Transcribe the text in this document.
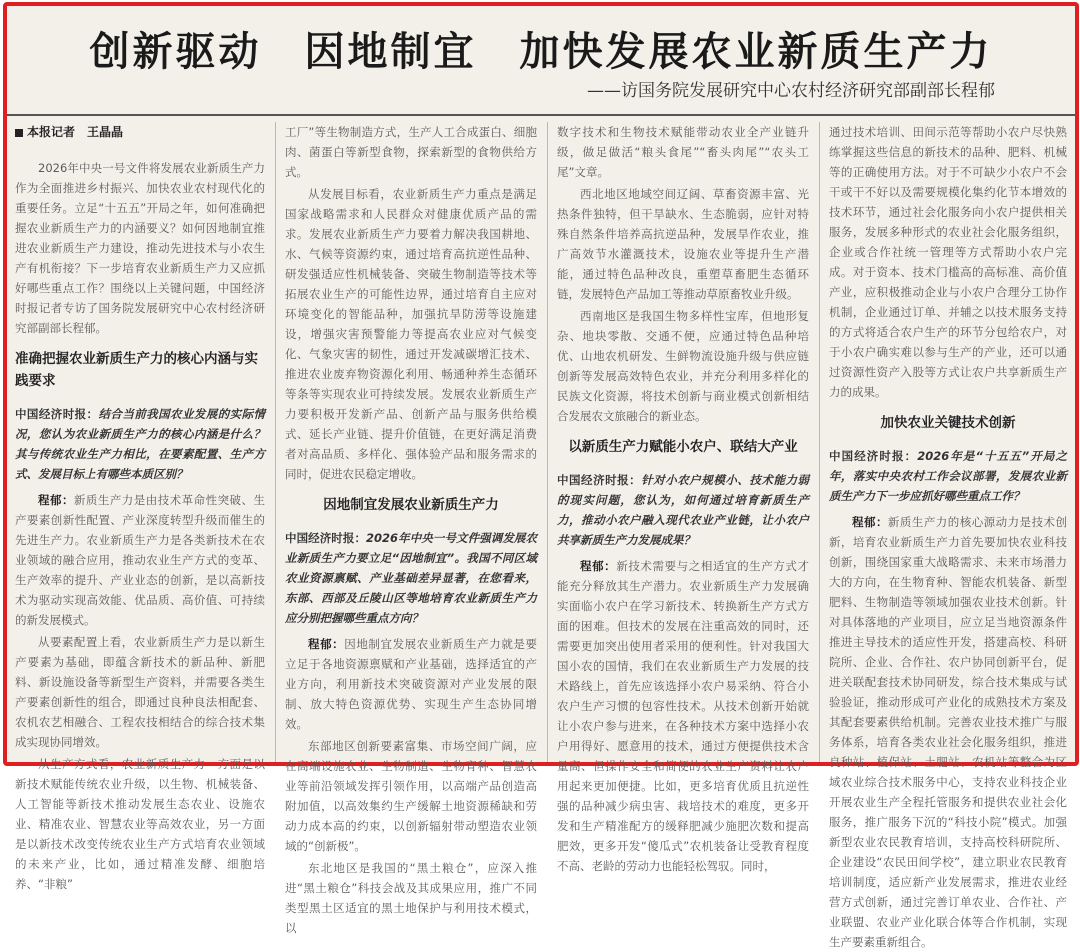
创新驱动　因地制宜　加快发展农业新质生产力
——访国务院发展研究中心农村经济研究部副部长程郁
本报记者　王晶晶

2026年中央一号文件将发展农业新质生产力作为全面推进乡村振兴、加快农业农村现代化的重要任务。立足“十五五”开局之年，如何准确把握农业新质生产力的内涵要义？如何因地制宜推进农业新质生产力建设，推动先进技术与小农生产有机衔接？下一步培育农业新质生产力又应抓好哪些重点工作？围绕以上关键问题，中国经济时报记者专访了国务院发展研究中心农村经济研究部副部长程郁。

准确把握农业新质生产力的核心内涵与实践要求
中国经济时报：结合当前我国农业发展的实际情况，您认为农业新质生产力的核心内涵是什么？其与传统农业生产力相比，在要素配置、生产方式、发展目标上有哪些本质区别？

程郁：新质生产力是由技术革命性突破、生产要素创新性配置、产业深度转型升级而催生的先进生产力。农业新质生产力是各类新技术在农业领域的融合应用，推动农业生产方式的变革、生产效率的提升、产业业态的创新，是以高新技术为驱动实现高效能、优品质、高价值、可持续的新发展模式。

从要素配置上看，农业新质生产力是以新生产要素为基础，即蕴含新技术的新品种、新肥料、新设施设备等新型生产资料，并需要各类生产要素创新性的组合，即通过良种良法相配套、农机农艺相融合、工程农技相结合的综合技术集成实现协同增效。

从生产方式看，农业新质生产力一方面是以新技术赋能传统农业升级，以生物、机械装备、人工智能等新技术推动发展生态农业、设施农业、精准农业、智慧农业等高效农业，另一方面是以新技术改变传统农业生产方式培育农业领域的未来产业，比如，通过精准发酵、细胞培养、“非粮”

工厂”等生物制造方式，生产人工合成蛋白、细胞肉、菌蛋白等新型食物，探索新型的食物供给方式。

从发展目标看，农业新质生产力重点是满足国家战略需求和人民群众对健康优质产品的需求。发展农业新质生产力要着力解决我国耕地、水、气候等资源约束，通过培育高抗逆性品种、研发强适应性机械装备、突破生物制造等技术等拓展农业生产的可能性边界，通过培育自主应对环境变化的智能品种，加强抗旱防涝等设施建设，增强灾害预警能力等提高农业应对气候变化、气象灾害的韧性，通过开发减碳增汇技术、推进农业废弃物资源化利用、畅通种养生态循环等条等实现农业可持续发展。发展农业新质生产力要积极开发新产品、创新产品与服务供给模式、延长产业链、提升价值链，在更好满足消费者对高品质、多样化、强体验产品和服务需求的同时，促进农民稳定增收。

因地制宜发展农业新质生产力
中国经济时报：2026年中央一号文件强调发展农业新质生产力要立足“因地制宜”。我国不同区域农业资源禀赋、产业基础差异显著，在您看来，东部、西部及丘陵山区等地培育农业新质生产力应分别把握哪些重点方向？

程郁：因地制宜发展农业新质生产力就是要立足于各地资源禀赋和产业基础，选择适宜的产业方向，利用新技术突破资源对产业发展的限制、放大特色资源优势、实现生产生态协同增效。

东部地区创新要素富集、市场空间广阔，应在高端设施农业、生物制造、生物育种、智慧农业等前沿领域发挥引领作用，以高端产品创造高附加值，以高效集约生产缓解土地资源稀缺和劳动力成本高的约束，以创新辐射带动塑造农业领域的“创新极”。

东北地区是我国的“黑土粮仓”，应深入推进“黑土粮仓”科技会战及其成果应用，推广不同类型黑土区适宜的黑土地保护与利用技术模式，以

数字技术和生物技术赋能带动农业全产业链升级，做足做活“粮头食尾”“畜头肉尾”“农头工尾”文章。

西北地区地域空间辽阔、草畜资源丰富、光热条件独特，但干旱缺水、生态脆弱，应针对特殊自然条件培养高抗逆品种，发展旱作农业，推广高效节水灌溉技术，设施农业等提升生产潜能，通过特色品种改良，重塑草畜肥生态循环链，发展特色产品加工等推动草原畜牧业升级。

西南地区是我国生物多样性宝库，但地形复杂、地块零散、交通不便，应通过特色品种培优、山地农机研发、生鲜物流设施升级与供应链创新等发展高效特色农业，并充分利用多样化的民族文化资源，将技术创新与商业模式创新相结合发展农文旅融合的新业态。

以新质生产力赋能小农户、联结大产业
中国经济时报：针对小农户规模小、技术能力弱的现实问题，您认为，如何通过培育新质生产力，推动小农户融入现代农业产业链，让小农户共享新质生产力发展成果？

程郁：新技术需要与之相适宜的生产方式才能充分释放其生产潜力。农业新质生产力发展确实面临小农户在学习新技术、转换新生产方式方面的困难。但技术的发展在注重高效的同时，还需要更加突出使用者采用的便利性。针对我国大国小农的国情，我们在农业新质生产力发展的技术路线上，首先应该选择小农户易采纳、符合小农户生产习惯的包容性技术。从技术创新开始就让小农户参与进来，在各种技术方案中选择小农户用得好、愿意用的技术，通过方便提供技术含量高、但操作安全和简便的农业生产资料让农户用起来更加便捷。比如，更多培育优质且抗逆性强的品种减少病虫害、栽培技术的难度，更多开发和生产精准配方的缓释肥减少施肥次数和提高肥效，更多开发“傻瓜式”农机装备让受教育程度不高、老龄的劳动力也能轻松驾驭。同时，

通过技术培训、田间示范等帮助小农户尽快熟练掌握这些信息的新技术的品种、肥料、机械等的正确使用方法。对于不可缺少小农户不会干或干不好以及需要规模化集约化节本增效的技术环节，通过社会化服务向小农户提供相关服务，发展多种形式的农业社会化服务组织，企业或合作社统一管理等方式帮助小农户完成。对于资本、技术门槛高的高标准、高价值产业，应积极推动企业与小农户合理分工协作机制，企业通过订单、并辅之以技术服务支持的方式将适合农户生产的环节分包给农户，对于小农户确实难以参与生产的产业，还可以通过资源性资产入股等方式让农户共享新质生产力的成果。

加快农业关键技术创新
中国经济时报：2026年是“十五五”开局之年，落实中央农村工作会议部署，发展农业新质生产力下一步应抓好哪些重点工作？

程郁：新质生产力的核心源动力是技术创新，培育农业新质生产力首先要加快农业科技创新，围绕国家重大战略需求、未来市场潜力大的方向，在生物育种、智能农机装备、新型肥料、生物制造等领域加强农业技术创新。针对具体落地的产业项目，应立足当地资源条件推进主导技术的适应性开发，搭建高校、科研院所、企业、合作社、农户协同创新平台，促进关联配套技术协同研发，综合技术集成与试验验证，推动形成可产业化的成熟技术方案及其配套要素供给机制。完善农业技术推广与服务体系，培育各类农业社会化服务组织，推进良种站、植保站、土肥站、农机站等整合为区域农业综合技术服务中心，支持农业科技企业开展农业生产全程托管服务和提供农业社会化服务，推广服务下沉的“科技小院”模式。加强新型农业农民教育培训，支持高校科研院所、企业建设“农民田间学校”，建立职业农民教育培训制度，适应新产业发展需求，推进农业经营方式创新，通过完善订单农业、合作社、产业联盟、农业产业化联合体等合作机制，实现生产要素重新组合。
